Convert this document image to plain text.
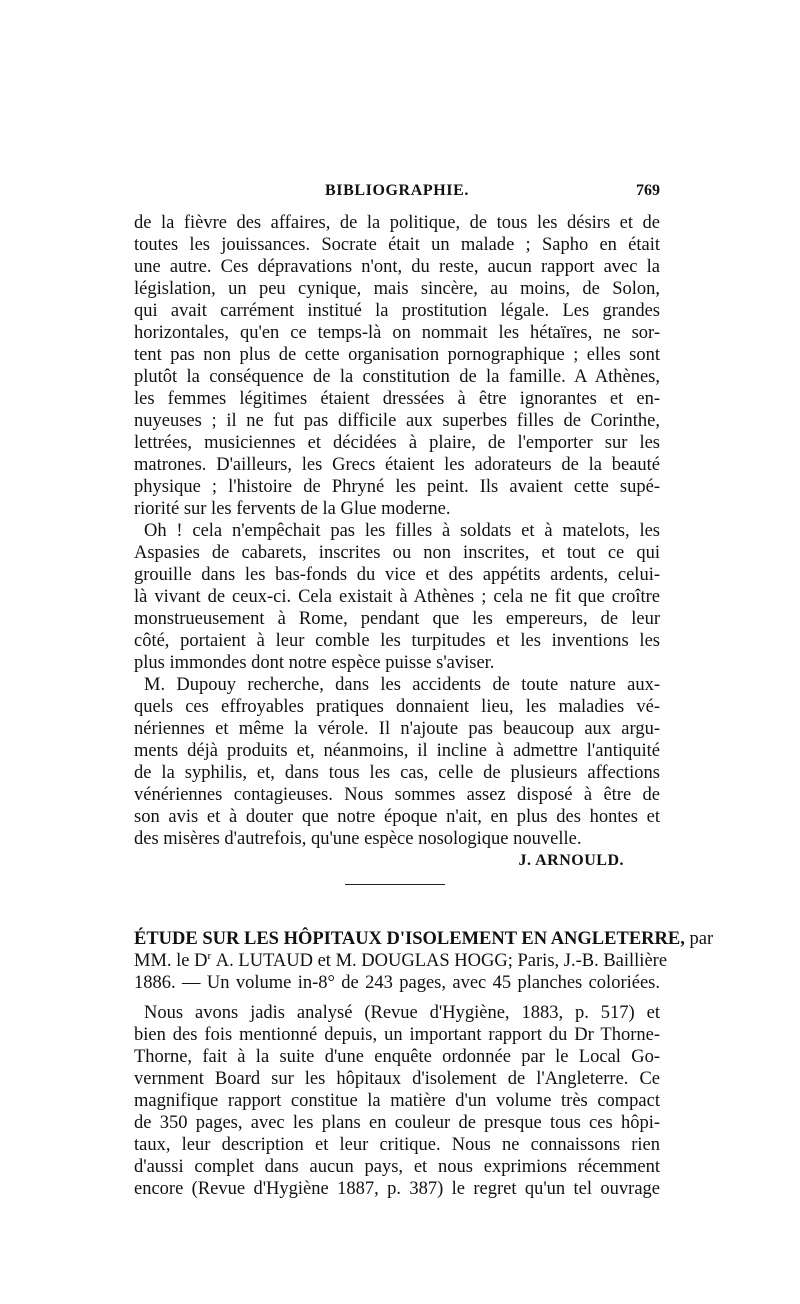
BIBLIOGRAPHIE.	769
de la fièvre des affaires, de la politique, de tous les désirs et de
toutes les jouissances. Socrate était un malade ; Sapho en était
une autre. Ces dépravations n'ont, du reste, aucun rapport avec la
législation, un peu cynique, mais sincère, au moins, de Solon,
qui avait carrément institué la prostitution légale. Les grandes
horizontales, qu'en ce temps-là on nommait les hétaïres, ne sor-
tent pas non plus de cette organisation pornographique ; elles sont
plutôt la conséquence de la constitution de la famille. A Athènes,
les femmes légitimes étaient dressées à être ignorantes et en-
nuyeuses ; il ne fut pas difficile aux superbes filles de Corinthe,
lettrées, musiciennes et décidées à plaire, de l'emporter sur les
matrones. D'ailleurs, les Grecs étaient les adorateurs de la beauté
physique ; l'histoire de Phryné les peint. Ils avaient cette supé-
riorité sur les fervents de la Glue moderne.
Oh ! cela n'empêchait pas les filles à soldats et à matelots, les
Aspasies de cabarets, inscrites ou non inscrites, et tout ce qui
grouille dans les bas-fonds du vice et des appétits ardents, celui-
là vivant de ceux-ci. Cela existait à Athènes ; cela ne fit que croître
monstrueusement à Rome, pendant que les empereurs, de leur
côté, portaient à leur comble les turpitudes et les inventions les
plus immondes dont notre espèce puisse s'aviser.
M. Dupouy recherche, dans les accidents de toute nature aux-
quels ces effroyables pratiques donnaient lieu, les maladies vé-
nériennes et même la vérole. Il n'ajoute pas beaucoup aux argu-
ments déjà produits et, néanmoins, il incline à admettre l'antiquité
de la syphilis, et, dans tous les cas, celle de plusieurs affections
vénériennes contagieuses. Nous sommes assez disposé à être de
son avis et à douter que notre époque n'ait, en plus des hontes et
des misères d'autrefois, qu'une espèce nosologique nouvelle.
J. ARNOULD.
ÉTUDE SUR LES HÔPITAUX D'ISOLEMENT EN ANGLETERRE, par
MM. le $D^r$ A. LUTAUD et M. DOUGLAS HOGG; Paris, J.-B. Baillière
1886. — Un volume in-8° de 243 pages, avec 45 planches coloriées.
Nous avons jadis analysé (Revue d'Hygiène, 1883, p. 517) et
bien des fois mentionné depuis, un important rapport du Dr Thorne-
Thorne, fait à la suite d'une enquête ordonnée par le Local Go-
vernment Board sur les hôpitaux d'isolement de l'Angleterre. Ce
magnifique rapport constitue la matière d'un volume très compact
de 350 pages, avec les plans en couleur de presque tous ces hôpi-
taux, leur description et leur critique. Nous ne connaissons rien
d'aussi complet dans aucun pays, et nous exprimions récemment
encore (Revue d'Hygiène 1887, p. 387) le regret qu'un tel ouvrage
